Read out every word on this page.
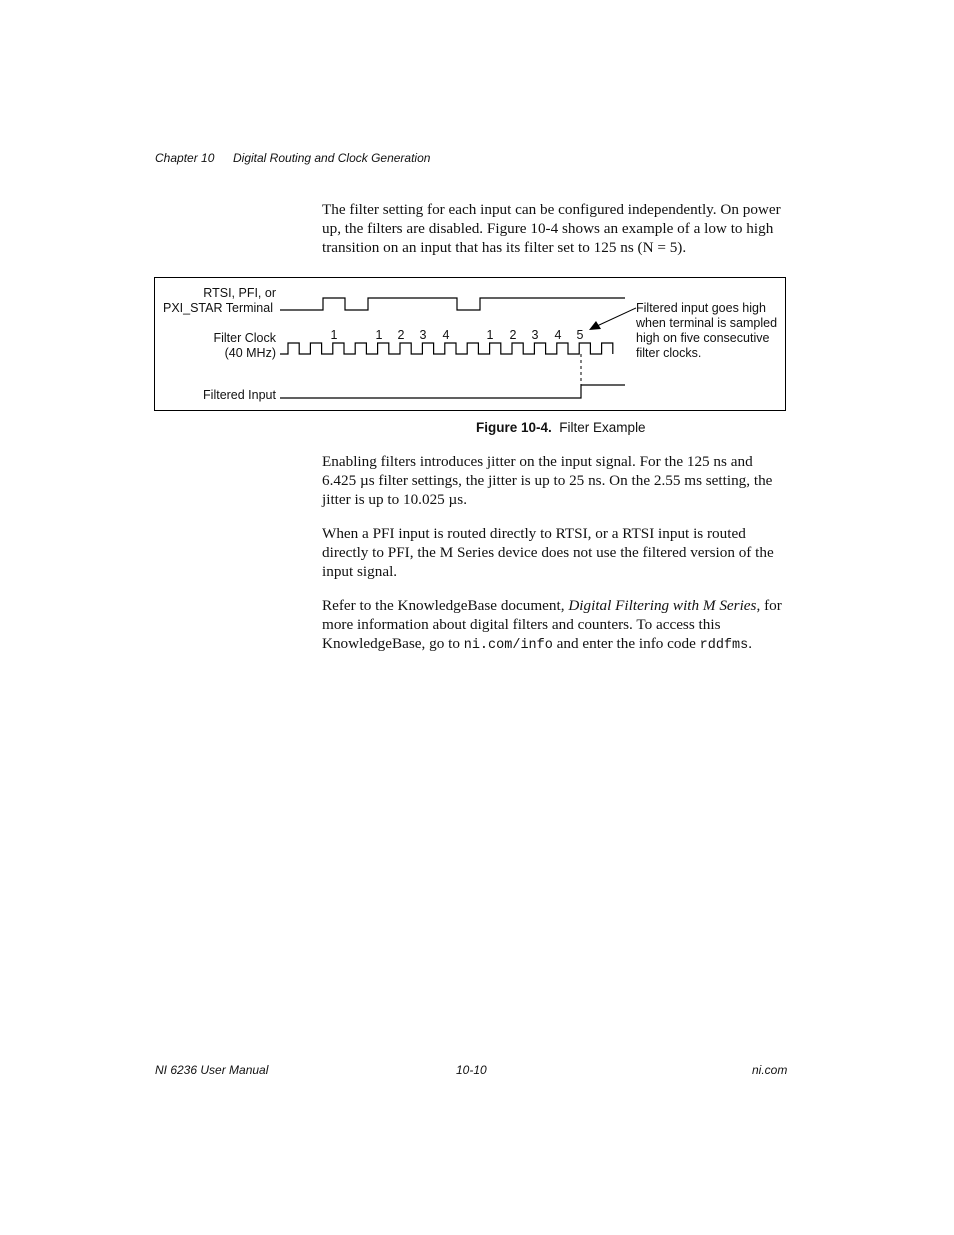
Chapter 10 Digital Routing and Clock Generation

The filter setting for each input can be configured independently. On power up, the filters are disabled. Figure 10-4 shows an example of a low to high transition on an input that has its filter set to 125 ns (N = 5).

RTSI, PFI, or
PXI_STAR Terminal
Filter Clock
(40 MHz)
Filtered Input
1	1 2 3 4	1 2 3 4 5
Filtered input goes high
when terminal is sampled
high on five consecutive
filter clocks.
Figure 10-4. Filter Example

Enabling filters introduces jitter on the input signal. For the 125 ns and 6.425 µs filter settings, the jitter is up to 25 ns. On the 2.55 ms setting, the jitter is up to 10.025 µs.

When a PFI input is routed directly to RTSI, or a RTSI input is routed directly to PFI, the M Series device does not use the filtered version of the input signal.

Refer to the KnowledgeBase document, Digital Filtering with M Series, for more information about digital filters and counters. To access this KnowledgeBase, go to ni.com/info and enter the info code rddfms.

NI 6236 User Manual	10-10	ni.com
